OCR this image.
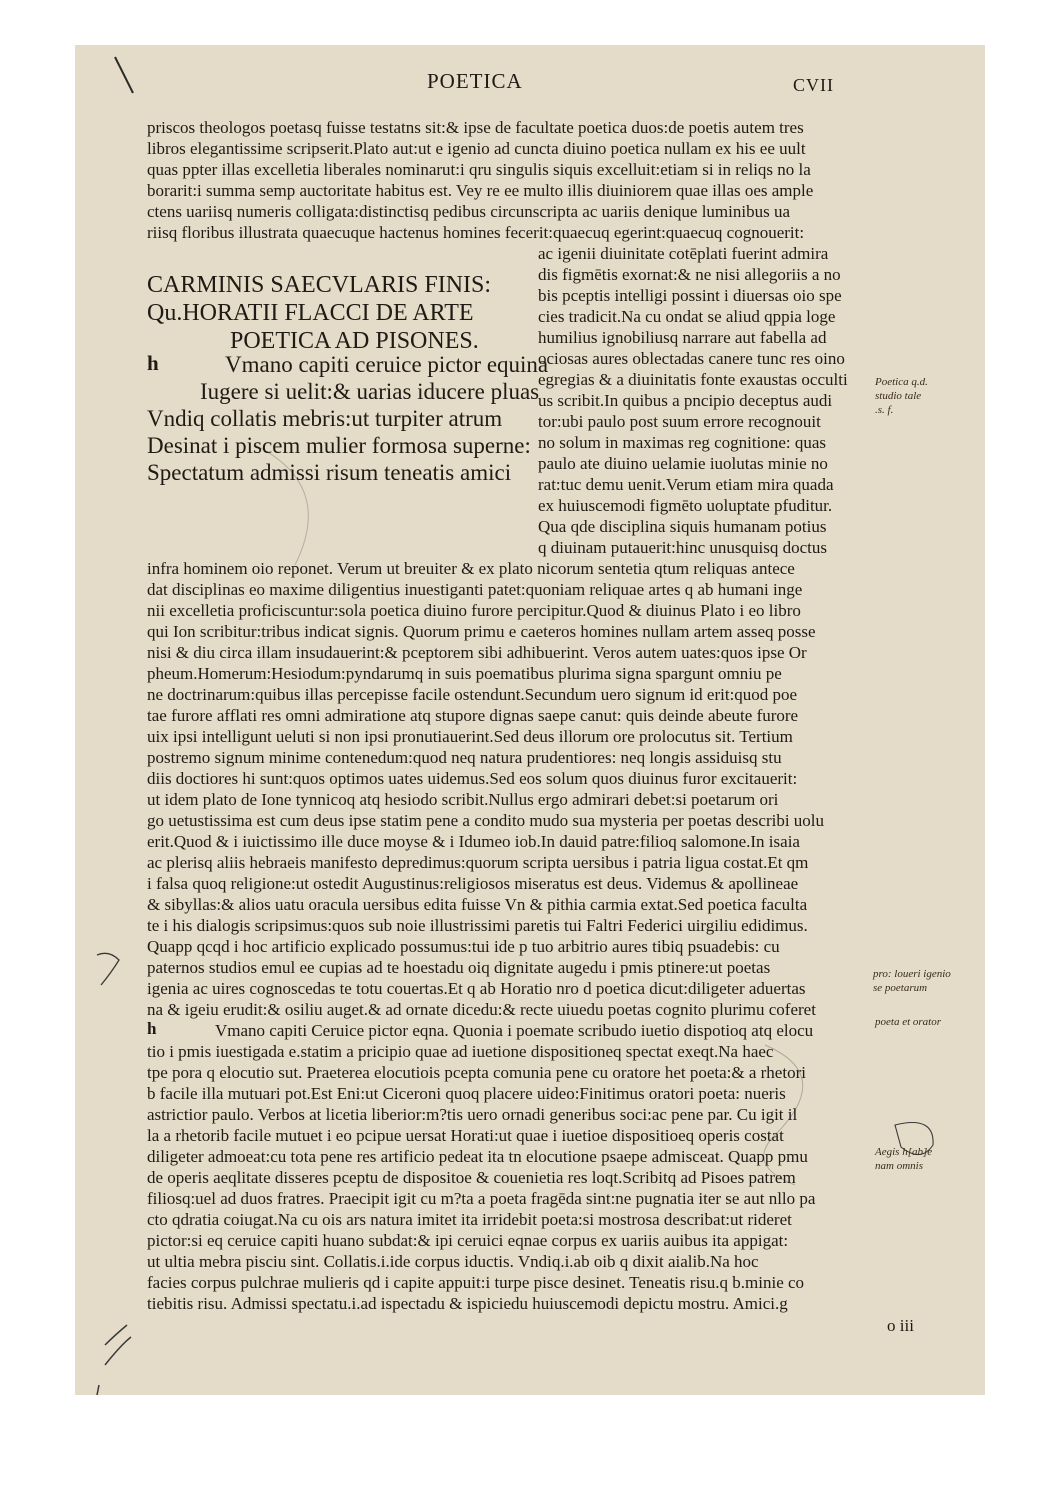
POETICA	CVII
priscos theologos poetasq fuisse testatns sit:& ipse de facultate poetica duos:de poetis autem tres
libros elegantissime scripserit.Plato aut:ut e igenio ad cuncta diuino poetica nullam ex his ee uult
quas ppter illas excelletia liberales nominarut:i qru singulis siquis excelluit:etiam si in reliqs no la
borarit:i summa semp auctoritate habitus est. Vey re ee multo illis diuiniorem quae illas oes ample
ctens uariisq numeris colligata:distinctisq pedibus circunscripta ac uariis denique luminibus ua
riisq floribus illustrata quaecuque hactenus homines fecerit:quaecuq egerint:quaecuq cognouerit:
CARMINIS SAECVLARIS FINIS:
Qu.HORATII FLACCI DE ARTE
POETICA AD PISONES.
h	Vmano capiti ceruice pictor equina
Iugere si uelit:& uarias iducere pluas
Vndiq collatis mebris:ut turpiter atrum
Desinat i piscem mulier formosa superne:
Spectatum admissi risum teneatis amici
ac igenii diuinitate cotēplati fuerint admira
dis figmētis exornat:& ne nisi allegoriis a no
bis pceptis intelligi possint i diuersas oio spe
cies tradicit.Na cu ondat se aliud qppia loge
humilius ignobiliusq narrare aut fabella ad
ociosas aures oblectadas canere tunc res oino
egregias & a diuinitatis fonte exaustas occulti
us scribit.In quibus a pncipio deceptus audi
tor:ubi paulo post suum errore recognouit
no solum in maximas reg cognitione: quas
paulo ate diuino uelamie iuolutas minie no
rat:tuc demu uenit.Verum etiam mira quada
ex huiuscemodi figmēto uoluptate pfuditur.
Qua qde disciplina siquis humanam potius
q diuinam putauerit:hinc unusquisq doctus
infra hominem oio reponet. Verum ut breuiter & ex plato nicorum sentetia qtum reliquas antece
dat disciplinas eo maxime diligentius inuestiganti patet:quoniam reliquae artes q ab humani inge
nii excelletia proficiscuntur:sola poetica diuino furore percipitur.Quod & diuinus Plato i eo libro
qui Ion scribitur:tribus indicat signis. Quorum primu e caeteros homines nullam artem asseq posse
nisi & diu circa illam insudauerint:& pceptorem sibi adhibuerint. Veros autem uates:quos ipse Or
pheum.Homerum:Hesiodum:pyndarumq in suis poematibus plurima signa spargunt omniu pe
ne doctrinarum:quibus illas percepisse facile ostendunt.Secundum uero signum id erit:quod poe
tae furore afflati res omni admiratione atq stupore dignas saepe canut: quis deinde abeute furore
uix ipsi intelligunt ueluti si non ipsi pronutiauerint.Sed deus illorum ore prolocutus sit. Tertium
postremo signum minime contenedum:quod neq natura prudentiores: neq longis assiduisq stu
diis doctiores hi sunt:quos optimos uates uidemus.Sed eos solum quos diuinus furor excitauerit:
ut idem plato de Ione tynnicoq atq hesiodo scribit.Nullus ergo admirari debet:si poetarum ori
go uetustissima est cum deus ipse statim pene a condito mudo sua mysteria per poetas describi uolu
erit.Quod & i iuictissimo ille duce moyse & i Idumeo iob.In dauid patre:filioq salomone.In isaia
ac plerisq aliis hebraeis manifesto depredimus:quorum scripta uersibus i patria ligua costat.Et qm
i falsa quoq religione:ut ostedit Augustinus:religiosos miseratus est deus. Videmus & apollineae
& sibyllas:& alios uatu oracula uersibus edita fuisse Vn & pithia carmia extat.Sed poetica faculta
te i his dialogis scripsimus:quos sub noie illustrissimi paretis tui Faltri Federici uirgiliu edidimus.
Quapp qcqd i hoc artificio explicado possumus:tui ide p tuo arbitrio aures tibiq psuadebis: cu
paternos studios emul ee cupias ad te hoestadu oiq dignitate augedu i pmis ptinere:ut poetas
igenia ac uires cognoscedas te totu couertas.Et q ab Horatio nro d poetica dicut:diligeter aduertas
na & igeiu erudit:& osiliu auget.& ad ornate dicedu:& recte uiuedu poetas cognito plurimu coferet
h	Vmano capiti Ceruice pictor eqna. Quonia i poemate scribudo iuetio dispotioq atq elocu
tio i pmis iuestigada e.statim a pricipio quae ad iuetione dispositioneq spectat exeqt.Na haec
tpe pora q elocutio sut. Praeterea elocutiois pcepta comunia pene cu oratore het poeta:& a rhetori
b facile illa mutuari pot.Est Eni:ut Ciceroni quoq placere uideo:Finitimus oratori poeta: nueris
astrictior paulo. Verbos at licetia liberior:m?tis uero ornadi generibus soci:ac pene par. Cu igit il
la a rhetorib facile mutuet i eo pcipue uersat Horati:ut quae i iuetioe dispositioeq operis costat
diligeter admoeat:cu tota pene res artificio pedeat ita tn elocutione psaepe admisceat. Quapp pmu
de operis aeqlitate disseres pceptu de dispositoe & couenietia res loqt.Scribitq ad Pisoes patrem
filiosq:uel ad duos fratres. Praecipit igit cu m?ta a poeta fragēda sint:ne pugnatia iter se aut nllo pa
cto qdratia coiugat.Na cu ois ars natura imitet ita irridebit poeta:si mostrosa describat:ut rideret
pictor:si eq ceruice capiti huano subdat:& ipi ceruici eqnae corpus ex uariis auibus ita appigat:
ut ultia mebra pisciu sint. Collatis.i.ide corpus iductis. Vndiq.i.ab oib q dixit aialib.Na hoc
facies corpus pulchrae mulieris qd i capite appuit:i turpe pisce desinet. Teneatis risu.q b.minie co
tiebitis risu. Admissi spectatu.i.ad ispectadu & ispiciedu huiuscemodi depictu mostru. Amici.g
o iii
Poetica q.d.
studio tale
.s. f.
pro: loueri igenio
se poetarum
poeta et orator
Aegis h[ab]e
nam omnis
